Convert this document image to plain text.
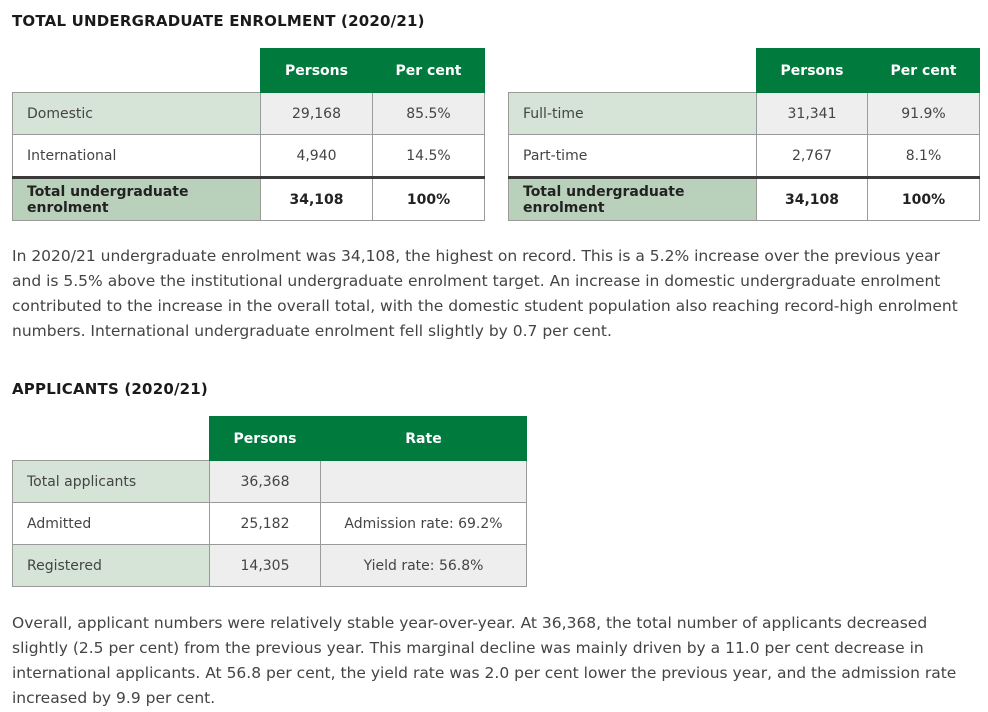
TOTAL UNDERGRADUATE ENROLMENT (2020/21)
	Persons	Per cent
Domestic	29,168	85.5%
International	4,940	14.5%
Total undergraduate enrolment	34,108	100%
	Persons	Per cent
Full-time	31,341	91.9%
Part-time	2,767	8.1%
Total undergraduate enrolment	34,108	100%

In 2020/21 undergraduate enrolment was 34,108, the highest on record. This is a 5.2% increase over the previous year and is 5.5% above the institutional undergraduate enrolment target. An increase in domestic undergraduate enrolment contributed to the increase in the overall total, with the domestic student population also reaching record-high enrolment numbers. International undergraduate enrolment fell slightly by 0.7 per cent.

APPLICANTS (2020/21)
	Persons	Rate
Total applicants	36,368	
Admitted	25,182	Admission rate: 69.2%
Registered	14,305	Yield rate: 56.8%

Overall, applicant numbers were relatively stable year-over-year. At 36,368, the total number of applicants decreased slightly (2.5 per cent) from the previous year. This marginal decline was mainly driven by a 11.0 per cent decrease in international applicants. At 56.8 per cent, the yield rate was 2.0 per cent lower the previous year, and the admission rate increased by 9.9 per cent.
